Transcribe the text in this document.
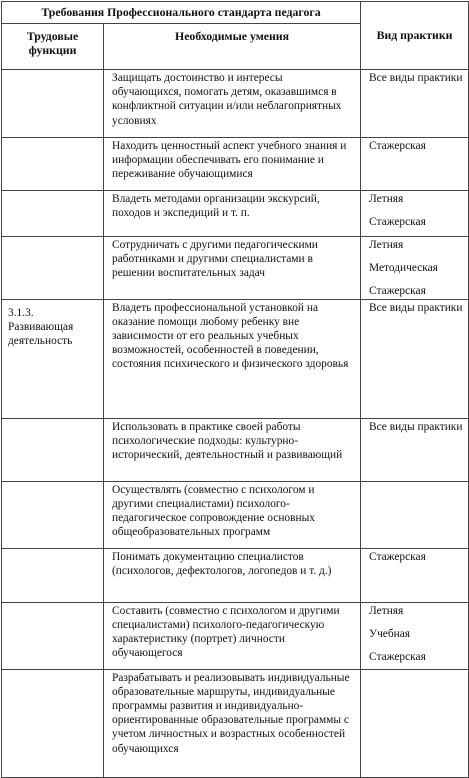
Требования Профессионального стандарта педагога		Вид практики

Трудовые функции	Необходимые умения	

	Защищать достоинство и интересы обучающихся, помогать детям, оказавшимся в конфликтной ситуации и/или неблагоприятных условиях	Все виды практики

	Находить ценностный аспект учебного знания и информации обеспечивать его понимание и переживание обучающимися	Стажерская

	Владеть методами организации экскурсий, походов и экспедиций и т. п.	Летняя
Стажерская

	Сотрудничать с другими педагогическими работниками и другими специалистами в решении воспитательных задач	Летняя
Методическая
Стажерская

3.1.3. Развивающая деятельность	Владеть профессиональной установкой на оказание помощи любому ребенку вне зависимости от его реальных учебных возможностей, особенностей в поведении, состояния психического и физического здоровья	Все виды практики

	Использовать в практике своей работы психологические подходы: культурно-исторический, деятельностный и развивающий	Все виды практики

	Осуществлять (совместно с психологом и другими специалистами) психолого-педагогическое сопровождение основных общеобразовательных программ	
	Понимать документацию специалистов (психологов, дефектологов, логопедов и т. д.)	Стажерская

	Составить (совместно с психологом и другими специалистами) психолого-педагогическую характеристику (портрет) личности обучающегося	Летняя
Учебная
Стажерская

	Разрабатывать и реализовывать индивидуальные образовательные маршруты, индивидуальные программы развития и индивидуально-ориентированные образовательные программы с учетом личностных и возрастных особенностей обучающихся	
